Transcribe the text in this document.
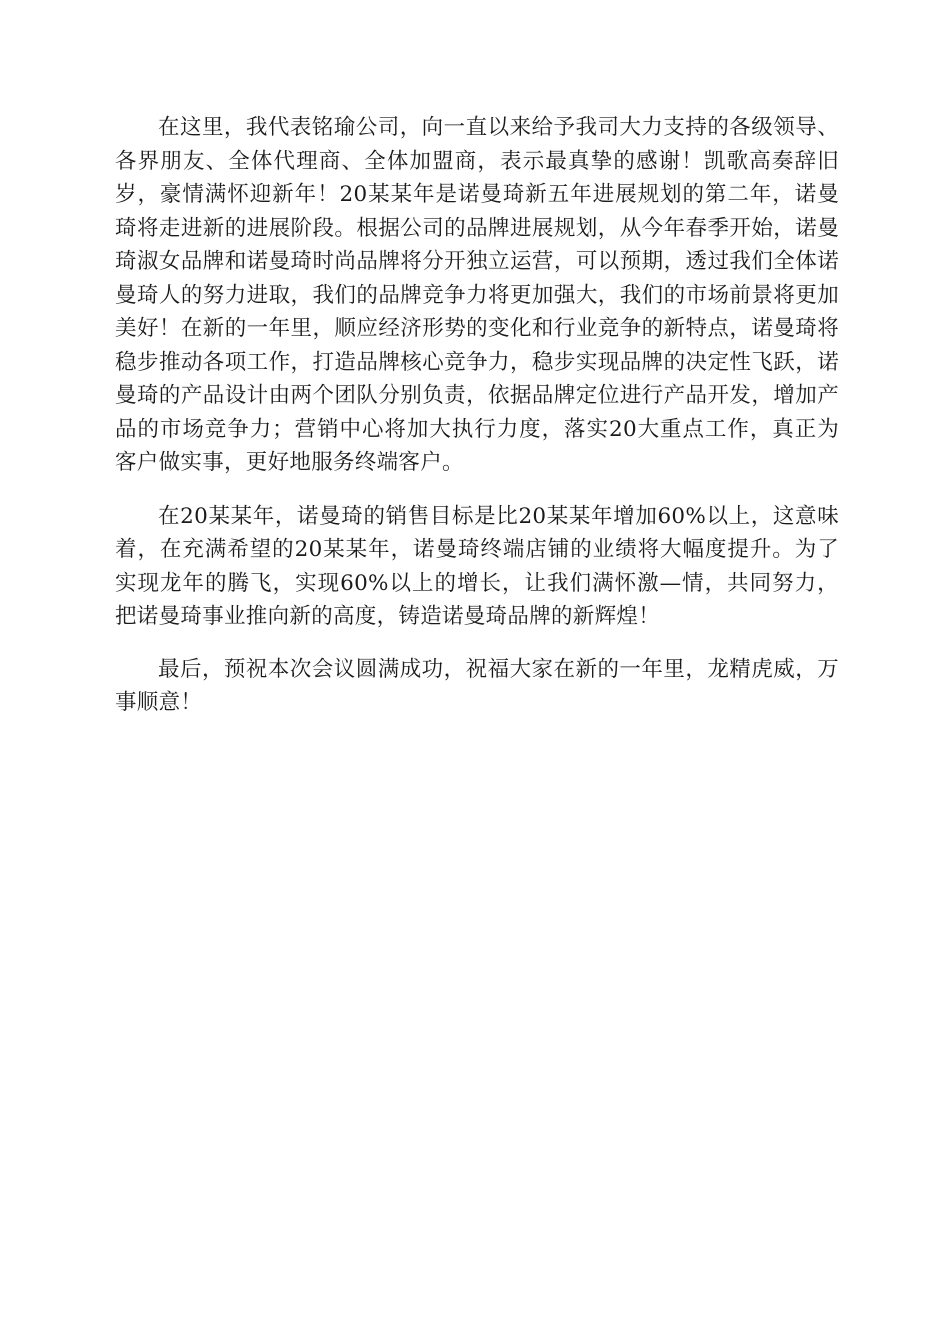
在这里，我代表铭瑜公司，向一直以来给予我司大力支持的各级领导、各界朋友、全体代理商、全体加盟商，表示最真挚的感谢！凯歌高奏辞旧岁，豪情满怀迎新年！20某某年是诺曼琦新五年进展规划的第二年，诺曼琦将走进新的进展阶段。根据公司的品牌进展规划，从今年春季开始，诺曼琦淑女品牌和诺曼琦时尚品牌将分开独立运营，可以预期，透过我们全体诺曼琦人的努力进取，我们的品牌竞争力将更加强大，我们的市场前景将更加美好！在新的一年里，顺应经济形势的变化和行业竞争的新特点，诺曼琦将稳步推动各项工作，打造品牌核心竞争力，稳步实现品牌的决定性飞跃，诺曼琦的产品设计由两个团队分别负责，依据品牌定位进行产品开发，增加产品的市场竞争力；营销中心将加大执行力度，落实20大重点工作，真正为客户做实事，更好地服务终端客户。

在20某某年，诺曼琦的销售目标是比20某某年增加60%以上，这意味着，在充满希望的20某某年，诺曼琦终端店铺的业绩将大幅度提升。为了实现龙年的腾飞，实现60%以上的增长，让我们满怀激—情，共同努力，把诺曼琦事业推向新的高度，铸造诺曼琦品牌的新辉煌！

最后，预祝本次会议圆满成功，祝福大家在新的一年里，龙精虎威，万事顺意！
